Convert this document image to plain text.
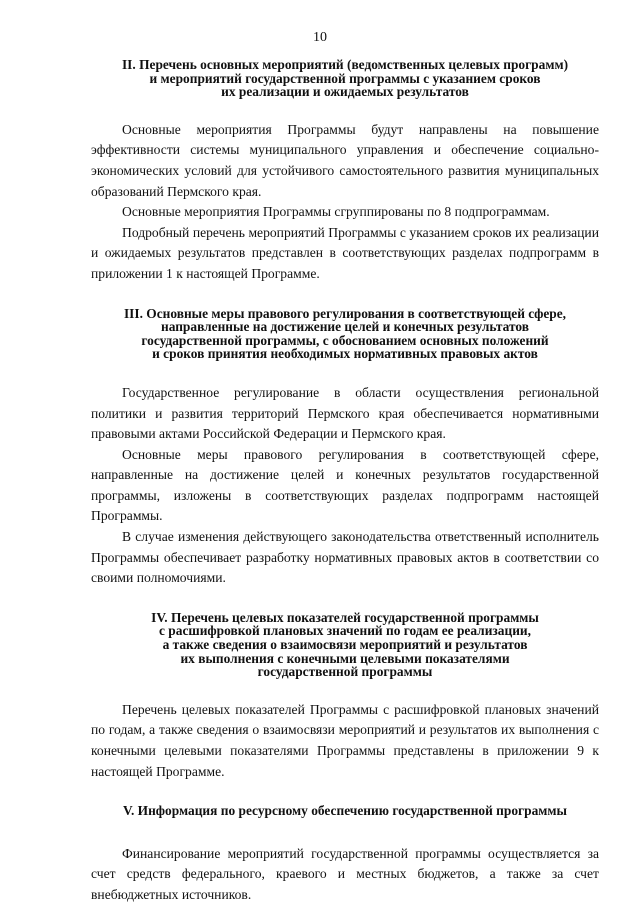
10
II. Перечень основных мероприятий (ведомственных целевых программ)
и мероприятий государственной программы с указанием сроков
их реализации и ожидаемых результатов

Основные мероприятия Программы будут направлены на повышение эффективности системы муниципального управления и обеспечение социально-экономических условий для устойчивого самостоятельного развития муниципальных образований Пермского края.

Основные мероприятия Программы сгруппированы по 8 подпрограммам.

Подробный перечень мероприятий Программы с указанием сроков их реализации и ожидаемых результатов представлен в соответствующих разделах подпрограмм в приложении 1 к настоящей Программе.

III. Основные меры правового регулирования в соответствующей сфере,
направленные на достижение целей и конечных результатов
государственной программы, с обоснованием основных положений
и сроков принятия необходимых нормативных правовых актов

Государственное регулирование в области осуществления региональной политики и развития территорий Пермского края обеспечивается нормативными правовыми актами Российской Федерации и Пермского края.

Основные меры правового регулирования в соответствующей сфере, направленные на достижение целей и конечных результатов государственной программы, изложены в соответствующих разделах подпрограмм настоящей Программы.

В случае изменения действующего законодательства ответственный исполнитель Программы обеспечивает разработку нормативных правовых актов в соответствии со своими полномочиями.

IV. Перечень целевых показателей государственной программы
с расшифровкой плановых значений по годам ее реализации,
а также сведения о взаимосвязи мероприятий и результатов
их выполнения с конечными целевыми показателями
государственной программы

Перечень целевых показателей Программы с расшифровкой плановых значений по годам, а также сведения о взаимосвязи мероприятий и результатов их выполнения с конечными целевыми показателями Программы представлены в приложении 9 к настоящей Программе.

V. Информация по ресурсному обеспечению государственной программы

Финансирование мероприятий государственной программы осуществляется за счет средств федерального, краевого и местных бюджетов, а также за счет внебюджетных источников.
